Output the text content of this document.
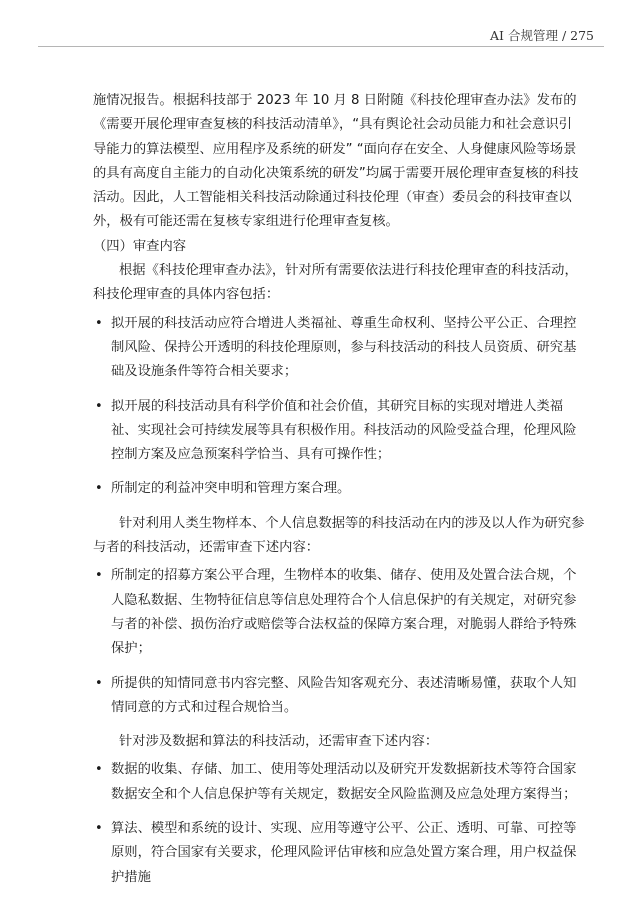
AI 合规管理 / 275

施情况报告。根据科技部于 2023 年 10 月 8 日附随《科技伦理审查办法》发布的《需要开展伦理审查复核的科技活动清单》，“具有舆论社会动员能力和社会意识引导能力的算法模型、应用程序及系统的研发” “面向存在安全、人身健康风险等场景的具有高度自主能力的自动化决策系统的研发”均属于需要开展伦理审查复核的科技活动。因此，人工智能相关科技活动除通过科技伦理（审查）委员会的科技审查以外，极有可能还需在复核专家组进行伦理审查复核。

（四）审查内容

根据《科技伦理审查办法》，针对所有需要依法进行科技伦理审查的科技活动，科技伦理审查的具体内容包括：

• 拟开展的科技活动应符合增进人类福祉、尊重生命权利、坚持公平公正、合理控制风险、保持公开透明的科技伦理原则，参与科技活动的科技人员资质、研究基础及设施条件等符合相关要求；
• 拟开展的科技活动具有科学价值和社会价值，其研究目标的实现对增进人类福祉、实现社会可持续发展等具有积极作用。科技活动的风险受益合理，伦理风险控制方案及应急预案科学恰当、具有可操作性；
• 所制定的利益冲突申明和管理方案合理。

针对利用人类生物样本、个人信息数据等的科技活动在内的涉及以人作为研究参与者的科技活动，还需审查下述内容：

• 所制定的招募方案公平合理，生物样本的收集、储存、使用及处置合法合规，个人隐私数据、生物特征信息等信息处理符合个人信息保护的有关规定，对研究参与者的补偿、损伤治疗或赔偿等合法权益的保障方案合理，对脆弱人群给予特殊保护；
• 所提供的知情同意书内容完整、风险告知客观充分、表述清晰易懂，获取个人知情同意的方式和过程合规恰当。

针对涉及数据和算法的科技活动，还需审查下述内容：

• 数据的收集、存储、加工、使用等处理活动以及研究开发数据新技术等符合国家数据安全和个人信息保护等有关规定，数据安全风险监测及应急处理方案得当；
• 算法、模型和系统的设计、实现、应用等遵守公平、公正、透明、可靠、可控等原则，符合国家有关要求，伦理风险评估审核和应急处置方案合理，用户权益保护措施
